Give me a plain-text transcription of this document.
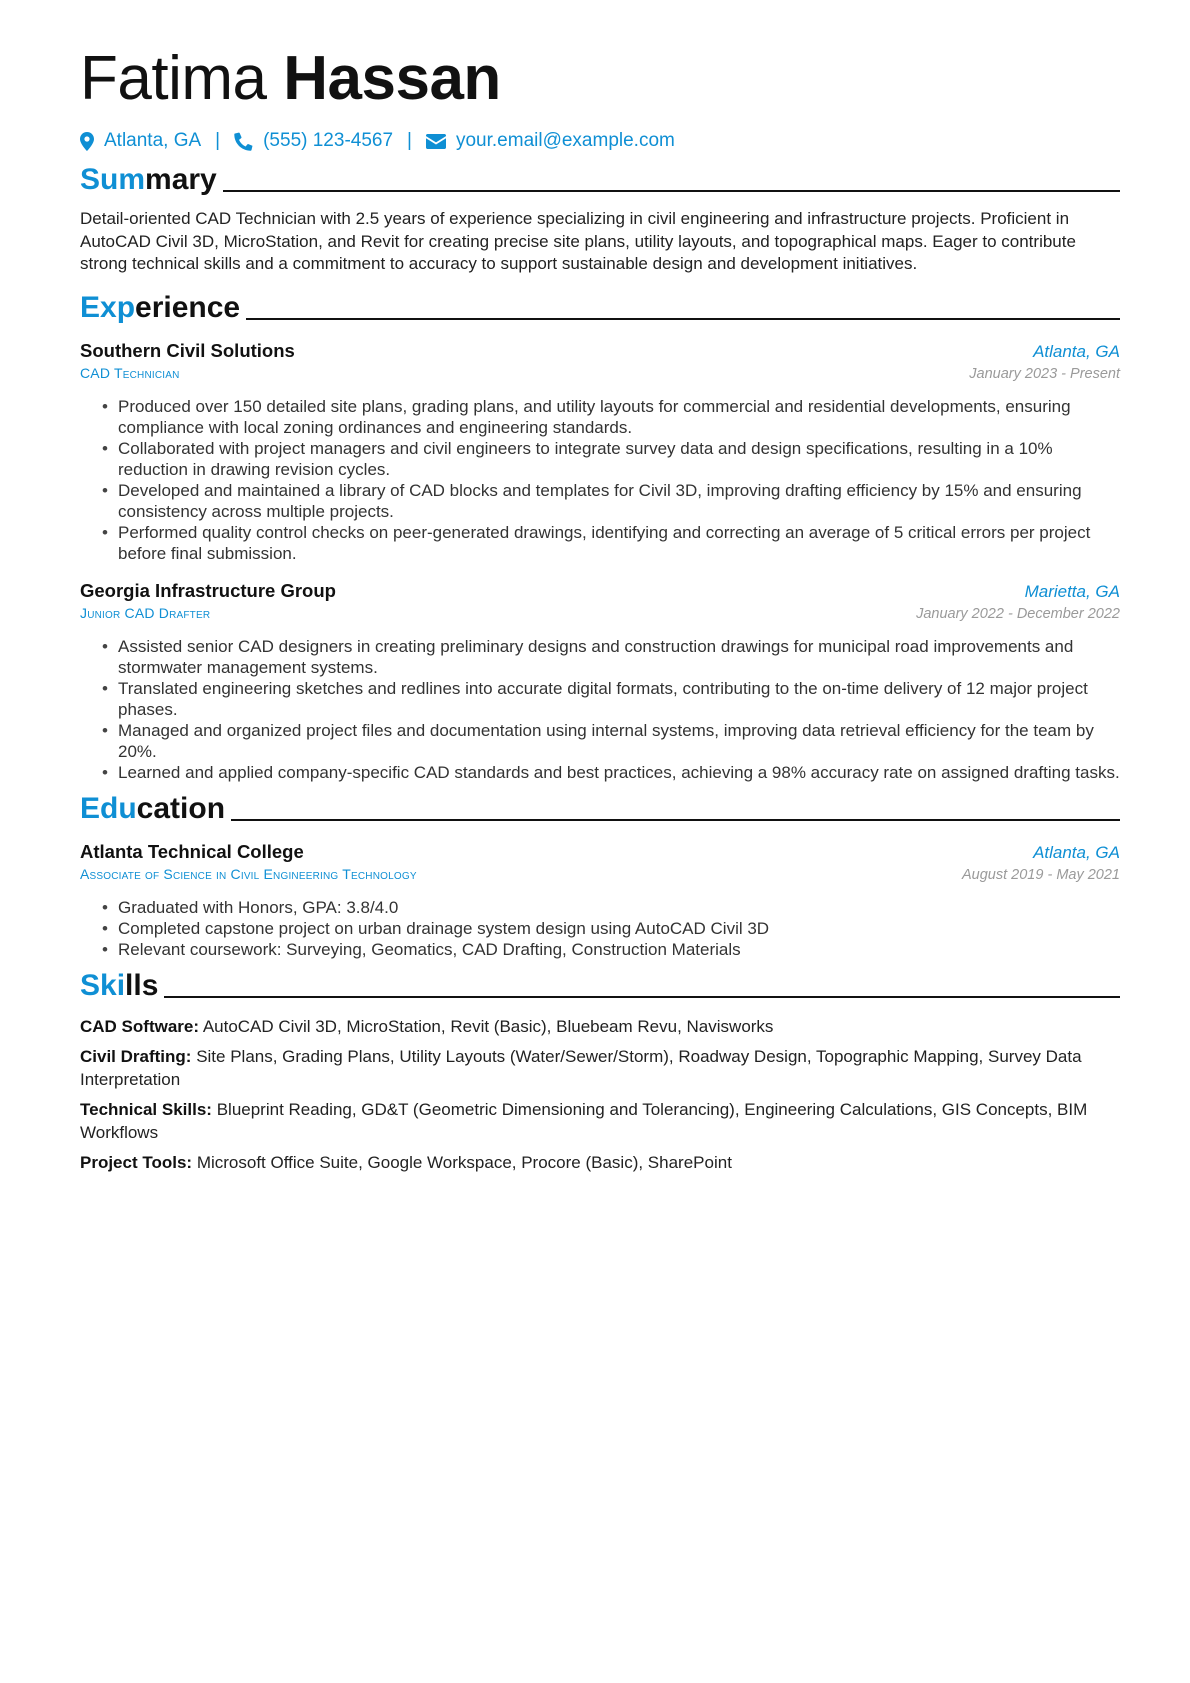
Fatima Hassan
Atlanta, GA | (555) 123-4567 | your.email@example.com
Summary
Detail-oriented CAD Technician with 2.5 years of experience specializing in civil engineering and infrastructure projects. Proficient in AutoCAD Civil 3D, MicroStation, and Revit for creating precise site plans, utility layouts, and topographical maps. Eager to contribute strong technical skills and a commitment to accuracy to support sustainable design and development initiatives.
Experience
Southern Civil Solutions	Atlanta, GA
CAD Technician	January 2023 - Present
• Produced over 150 detailed site plans, grading plans, and utility layouts for commercial and residential developments, ensuring compliance with local zoning ordinances and engineering standards.
• Collaborated with project managers and civil engineers to integrate survey data and design specifications, resulting in a 10% reduction in drawing revision cycles.
• Developed and maintained a library of CAD blocks and templates for Civil 3D, improving drafting efficiency by 15% and ensuring consistency across multiple projects.
• Performed quality control checks on peer-generated drawings, identifying and correcting an average of 5 critical errors per project before final submission.
Georgia Infrastructure Group	Marietta, GA
Junior CAD Drafter	January 2022 - December 2022
• Assisted senior CAD designers in creating preliminary designs and construction drawings for municipal road improvements and stormwater management systems.
• Translated engineering sketches and redlines into accurate digital formats, contributing to the on-time delivery of 12 major project phases.
• Managed and organized project files and documentation using internal systems, improving data retrieval efficiency for the team by 20%.
• Learned and applied company-specific CAD standards and best practices, achieving a 98% accuracy rate on assigned drafting tasks.
Education
Atlanta Technical College	Atlanta, GA
Associate of Science in Civil Engineering Technology	August 2019 - May 2021
• Graduated with Honors, GPA: 3.8/4.0
• Completed capstone project on urban drainage system design using AutoCAD Civil 3D
• Relevant coursework: Surveying, Geomatics, CAD Drafting, Construction Materials
Skills
CAD Software: AutoCAD Civil 3D, MicroStation, Revit (Basic), Bluebeam Revu, Navisworks
Civil Drafting: Site Plans, Grading Plans, Utility Layouts (Water/Sewer/Storm), Roadway Design, Topographic Mapping, Survey Data Interpretation
Technical Skills: Blueprint Reading, GD&T (Geometric Dimensioning and Tolerancing), Engineering Calculations, GIS Concepts, BIM Workflows
Project Tools: Microsoft Office Suite, Google Workspace, Procore (Basic), SharePoint
